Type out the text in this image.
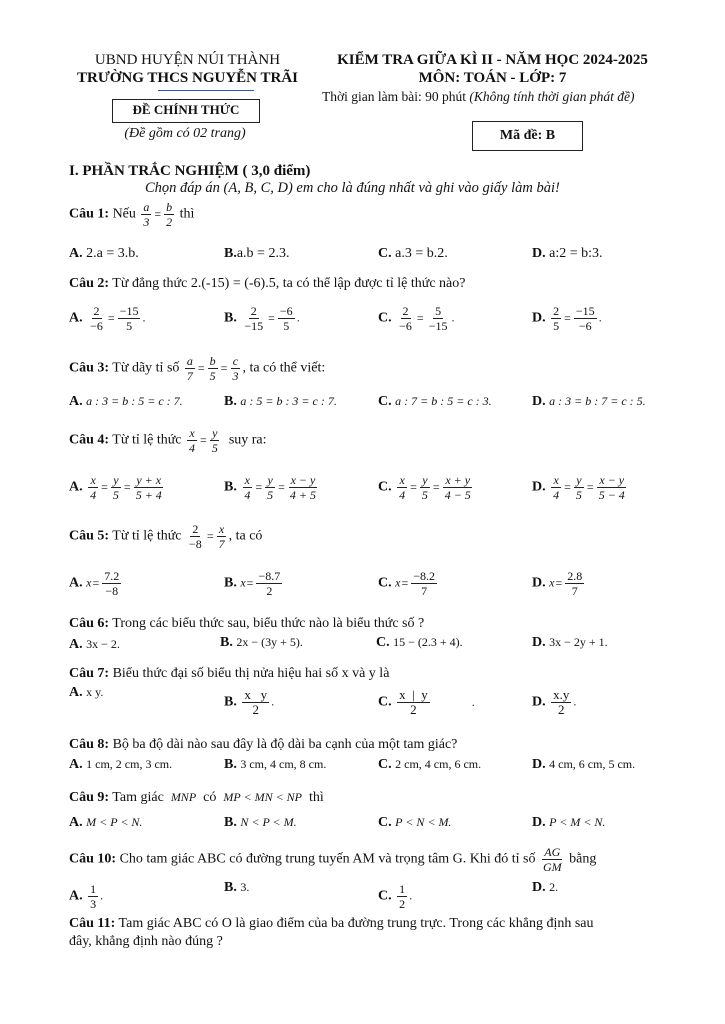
UBND HUYỆN NÚI THÀNH
TRƯỜNG THCS NGUYỄN TRÃI
ĐỀ CHÍNH THỨC
(Đề gồm có 02 trang)
KIỂM TRA GIỮA KÌ II - NĂM HỌC 2024-2025
MÔN: TOÁN - LỚP: 7
Thời gian làm bài: 90 phút (Không tính thời gian phát đề)
Mã đề: B
I. PHẦN TRẮC NGHIỆM ( 3,0 điểm)
Chọn đáp án (A, B, C, D) em cho là đúng nhất và ghi vào giấy làm bài!
Câu 1: Nếu $\frac{a}{3} = \frac{b}{2}$ thì
A. 2.a = 3.b.	B.a.b = 2.3.	C. a.3 = b.2.	D. a:2 = b:3.
Câu 2: Từ đẳng thức 2.(-15) = (-6).5, ta có thể lập được tỉ lệ thức nào?
A. $\frac{2}{-6} = \frac{-15}{5}$ .	B. $\frac{2}{-15} = \frac{-6}{5}$ .	C. $\frac{2}{-6} = \frac{5}{-15}$ .	D. $\frac{2}{5} = \frac{-15}{-6}$ .
Câu 3: Từ dãy tỉ số $\frac{a}{7} = \frac{b}{5} = \frac{c}{3}$ , ta có thể viết:
A. a : 3 = b : 5 = c : 7.	B. a : 5 = b : 3 = c : 7.	C. a : 7 = b : 5 = c : 3.	D. a : 3 = b : 7 = c : 5.
Câu 4: Từ tỉ lệ thức $\frac{x}{4} = \frac{y}{5}$ suy ra:
A. $\frac{x}{4} = \frac{y}{5} = \frac{y + x}{5 + 4}$	B. $\frac{x}{4} = \frac{y}{5} = \frac{x - y}{4 + 5}$	C. $\frac{x}{4} = \frac{y}{5} = \frac{x + y}{4 - 5}$	D. $\frac{x}{4} = \frac{y}{5} = \frac{x - y}{5 - 4}$
Câu 5: Từ tỉ lệ thức $\frac{2}{-8} = \frac{x}{7}$ , ta có
A. $x= \frac{7.2}{-8}$	B. $x= \frac{-8.7}{2}$	C. $x= \frac{-8.2}{7}$	D. $x= \frac{2.8}{7}$
Câu 6: Trong các biểu thức sau, biểu thức nào là biểu thức số ?
A. 3x − 2.	B. 2x − (3y + 5).	C. 15 − (2.3 + 4).	D. 3x − 2y + 1.
Câu 7: Biểu thức đại số biểu thị nửa hiệu hai số x và y là
A. x y.
B. $\frac{\text{x   y}}{2}$ .	C. $\frac{x | y}{2}$	.	D. $\frac{x.y}{2}$ .
Câu 8: Bộ ba độ dài nào sau đây là độ dài ba cạnh của một tam giác?
A. 1 cm, 2 cm, 3 cm.	B. 3 cm, 4 cm, 8 cm.	C. 2 cm, 4 cm, 6 cm.	D. 4 cm, 6 cm, 5 cm.
Câu 9: Tam giác MNP có MP < MN < NP thì
A. M < P < N.	B. N < P < M.	C. P < N < M.	D. P < M < N.
Câu 10: Cho tam giác ABC có đường trung tuyến AM và trọng tâm G. Khi đó tỉ số $\frac{AG}{GM}$ bằng
A. $\frac{1}{3}$ .
B. 3.
C. $\frac{1}{2}$ .
D. 2.
Câu 11: Tam giác ABC có O là giao điểm của ba đường trung trực. Trong các khẳng định sau
đây, khẳng định nào đúng ?
